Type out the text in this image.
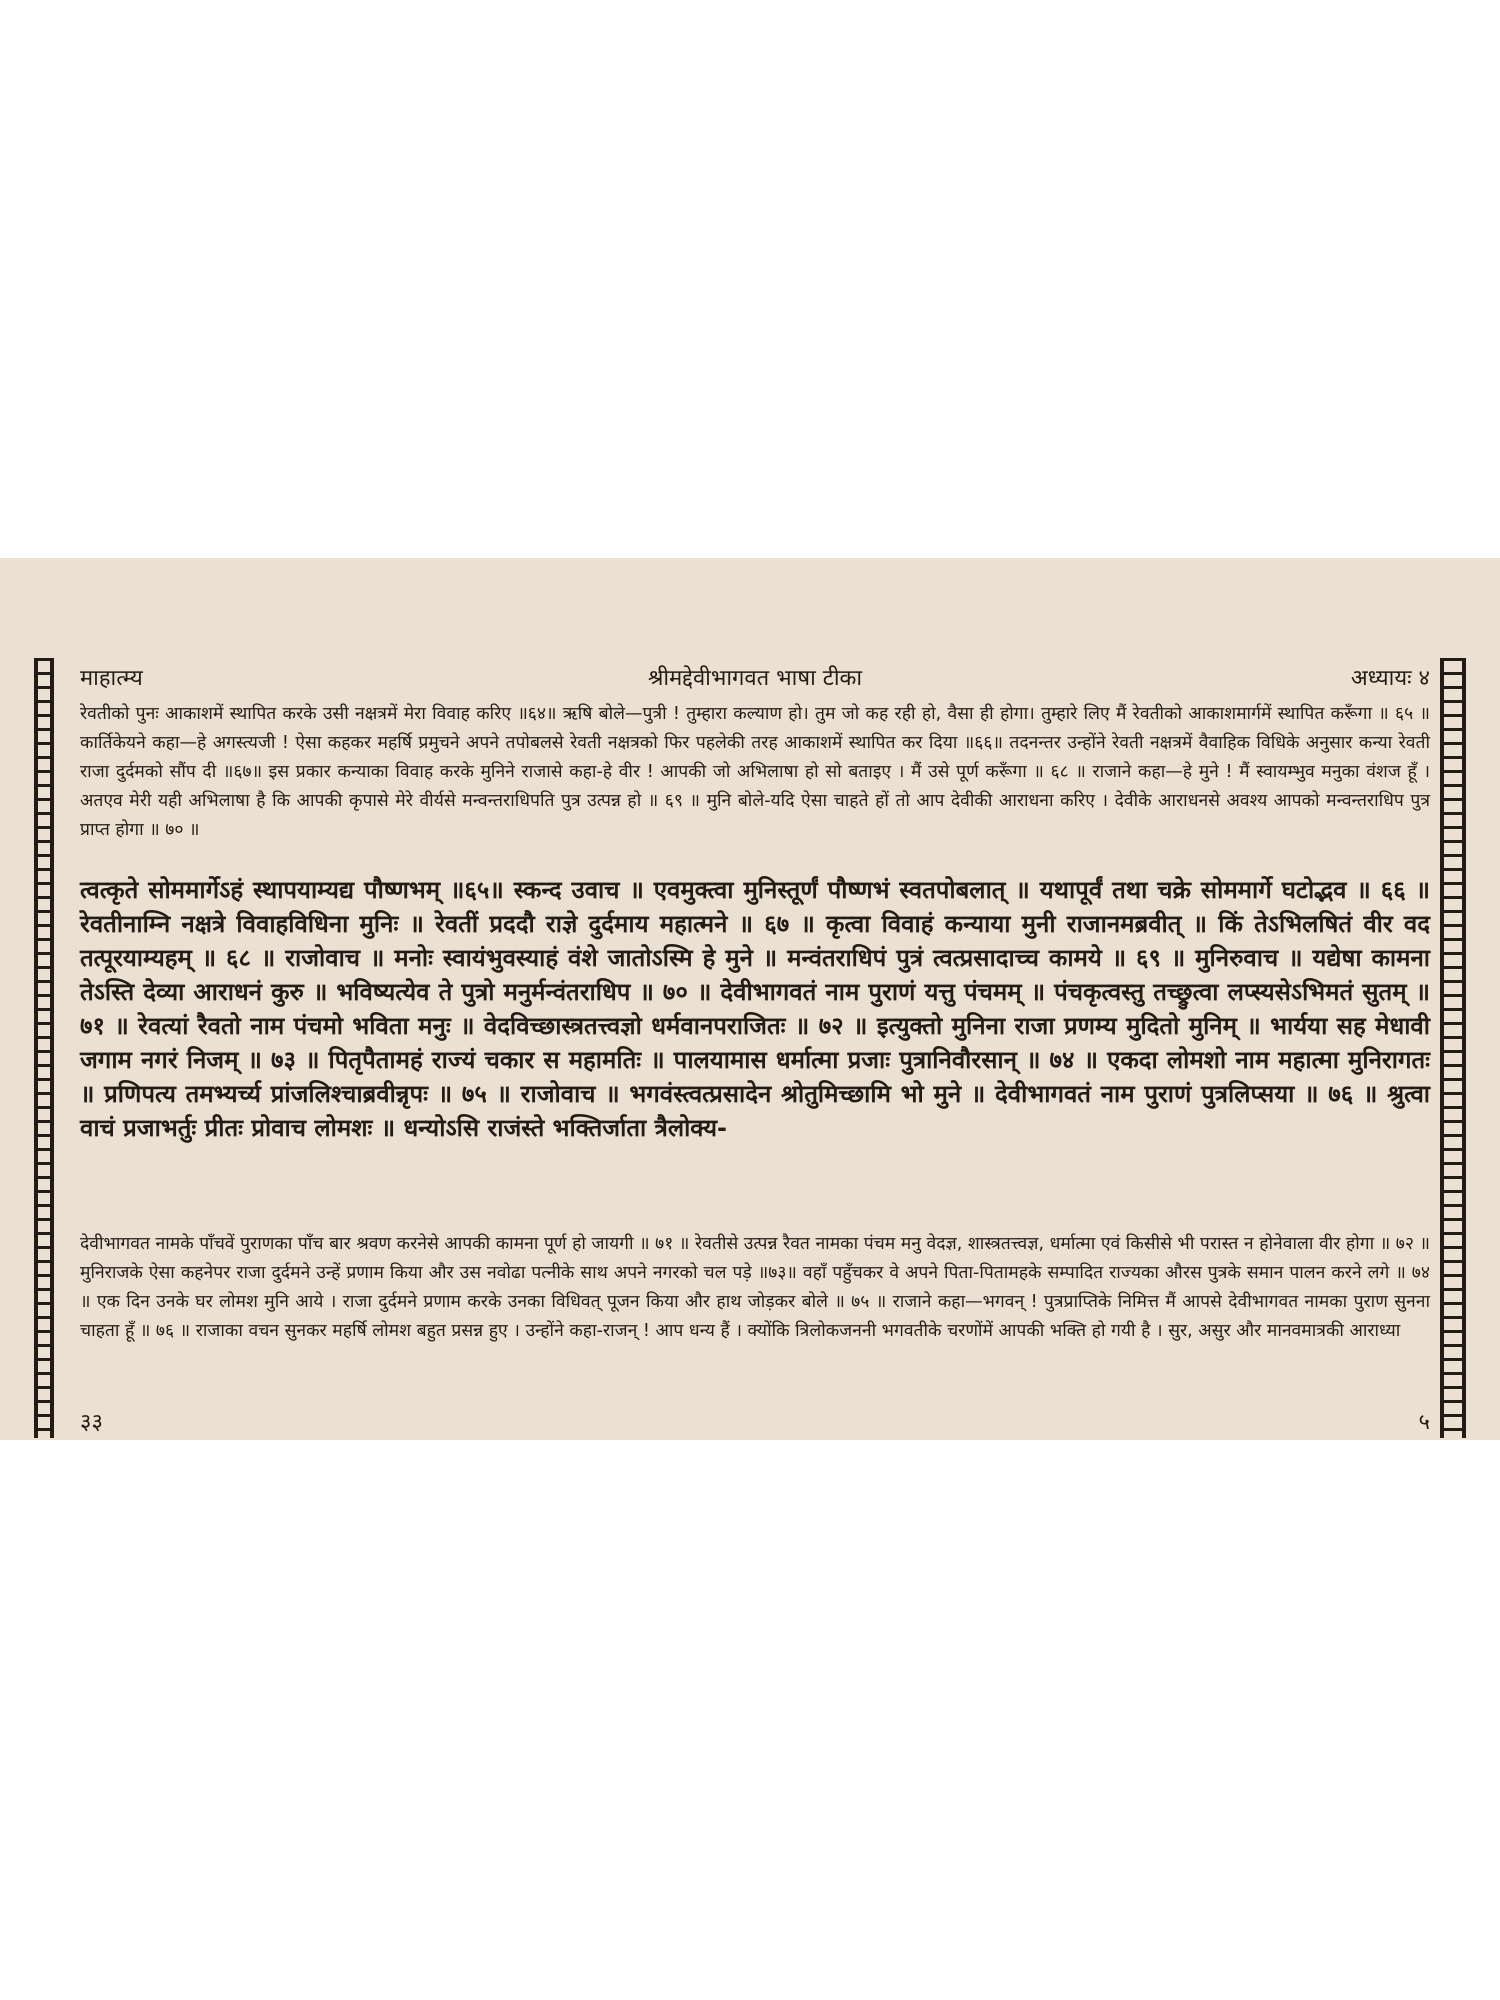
माहात्म्य	श्रीमद्देवीभागवत भाषा टीका	अध्यायः ४
रेवतीको पुनः आकाशमें स्थापित करके उसी नक्षत्रमें मेरा विवाह करिए ॥६४॥ ऋषि बोले—पुत्री ! तुम्हारा कल्याण हो। तुम जो कह रही हो, वैसा ही होगा। तुम्हारे लिए मैं रेवतीको आकाशमार्गमें स्थापित करूँगा ॥ ६५ ॥ कार्तिकेयने कहा—हे अगस्त्यजी ! ऐसा कहकर महर्षि प्रमुचने अपने तपोबलसे रेवती नक्षत्रको फिर पहलेकी तरह आकाशमें स्थापित कर दिया ॥६६॥ तदनन्तर उन्होंने रेवती नक्षत्रमें वैवाहिक विधिके अनुसार कन्या रेवती राजा दुर्दमको सौंप दी ॥६७॥ इस प्रकार कन्याका विवाह करके मुनिने राजासे कहा-हे वीर ! आपकी जो अभिलाषा हो सो बताइए । मैं उसे पूर्ण करूँगा ॥ ६८ ॥ राजाने कहा—हे मुने ! मैं स्वायम्भुव मनुका वंशज हूँ । अतएव मेरी यही अभिलाषा है कि आपकी कृपासे मेरे वीर्यसे मन्वन्तराधिपति पुत्र उत्पन्न हो ॥ ६९ ॥ मुनि बोले-यदि ऐसा चाहते हों तो आप देवीकी आराधना करिए । देवीके आराधनसे अवश्य आपको मन्वन्तराधिप पुत्र प्राप्त होगा ॥ ७० ॥
त्वत्कृते सोममार्गेऽहं स्थापयाम्यद्य पौष्णभम् ॥६५॥ स्कन्द उवाच ॥ एवमुक्त्वा मुनिस्तूर्णं पौष्णभं स्वतपोबलात् ॥ यथापूर्वं तथा चक्रे सोममार्गे घटोद्भव ॥ ६६ ॥ रेवतीनाम्नि नक्षत्रे विवाहविधिना मुनिः ॥ रेवतीं प्रददौ राज्ञे दुर्दमाय महात्मने ॥ ६७ ॥ कृत्वा विवाहं कन्याया मुनी राजानमब्रवीत् ॥ किं तेऽभिलषितं वीर वद तत्पूरयाम्यहम् ॥ ६८ ॥ राजोवाच ॥ मनोः स्वायंभुवस्याहं वंशे जातोऽस्मि हे मुने ॥ मन्वंतराधिपं पुत्रं त्वत्प्रसादाच्च कामये ॥ ६९ ॥ मुनिरुवाच ॥ यद्येषा कामना तेऽस्ति देव्या आराधनं कुरु ॥ भविष्यत्येव ते पुत्रो मनुर्मन्वंतराधिप ॥ ७० ॥ देवीभागवतं नाम पुराणं यत्तु पंचमम् ॥ पंचकृत्वस्तु तच्छ्रुत्वा लप्स्यसेऽभिमतं सुतम् ॥ ७१ ॥ रेवत्यां रैवतो नाम पंचमो भविता मनुः ॥ वेदविच्छास्त्रतत्त्वज्ञो धर्मवानपराजितः ॥ ७२ ॥ इत्युक्तो मुनिना राजा प्रणम्य मुदितो मुनिम् ॥ भार्यया सह मेधावी जगाम नगरं निजम् ॥ ७३ ॥ पितृपैतामहं राज्यं चकार स महामतिः ॥ पालयामास धर्मात्मा प्रजाः पुत्रानिवौरसान् ॥ ७४ ॥ एकदा लोमशो नाम महात्मा मुनिरागतः ॥ प्रणिपत्य तमभ्यर्च्य प्रांजलिश्चाब्रवीन्नृपः ॥ ७५ ॥ राजोवाच ॥ भगवंस्त्वत्प्रसादेन श्रोतुमिच्छामि भो मुने ॥ देवीभागवतं नाम पुराणं पुत्रलिप्सया ॥ ७६ ॥ श्रुत्वा वाचं प्रजाभर्तुः प्रीतः प्रोवाच लोमशः ॥ धन्योऽसि राजंस्ते भक्तिर्जाता त्रैलोक्य-
देवीभागवत नामके पाँचवें पुराणका पाँच बार श्रवण करनेसे आपकी कामना पूर्ण हो जायगी ॥ ७१ ॥ रेवतीसे उत्पन्न रैवत नामका पंचम मनु वेदज्ञ, शास्त्रतत्त्वज्ञ, धर्मात्मा एवं किसीसे भी परास्त न होनेवाला वीर होगा ॥ ७२ ॥ मुनिराजके ऐसा कहनेपर राजा दुर्दमने उन्हें प्रणाम किया और उस नवोढा पत्नीके साथ अपने नगरको चल पड़े ॥७३॥ वहाँ पहुँचकर वे अपने पिता-पितामहके सम्पादित राज्यका औरस पुत्रके समान पालन करने लगे ॥ ७४ ॥ एक दिन उनके घर लोमश मुनि आये । राजा दुर्दमने प्रणाम करके उनका विधिवत् पूजन किया और हाथ जोड़कर बोले ॥ ७५ ॥ राजाने कहा—भगवन् ! पुत्रप्राप्तिके निमित्त मैं आपसे देवीभागवत नामका पुराण सुनना चाहता हूँ ॥ ७६ ॥ राजाका वचन सुनकर महर्षि लोमश बहुत प्रसन्न हुए । उन्होंने कहा-राजन् ! आप धन्य हैं । क्योंकि त्रिलोकजननी भगवतीके चरणोंमें आपकी भक्ति हो गयी है । सुर, असुर और मानवमात्रकी आराध्या
३३	५
